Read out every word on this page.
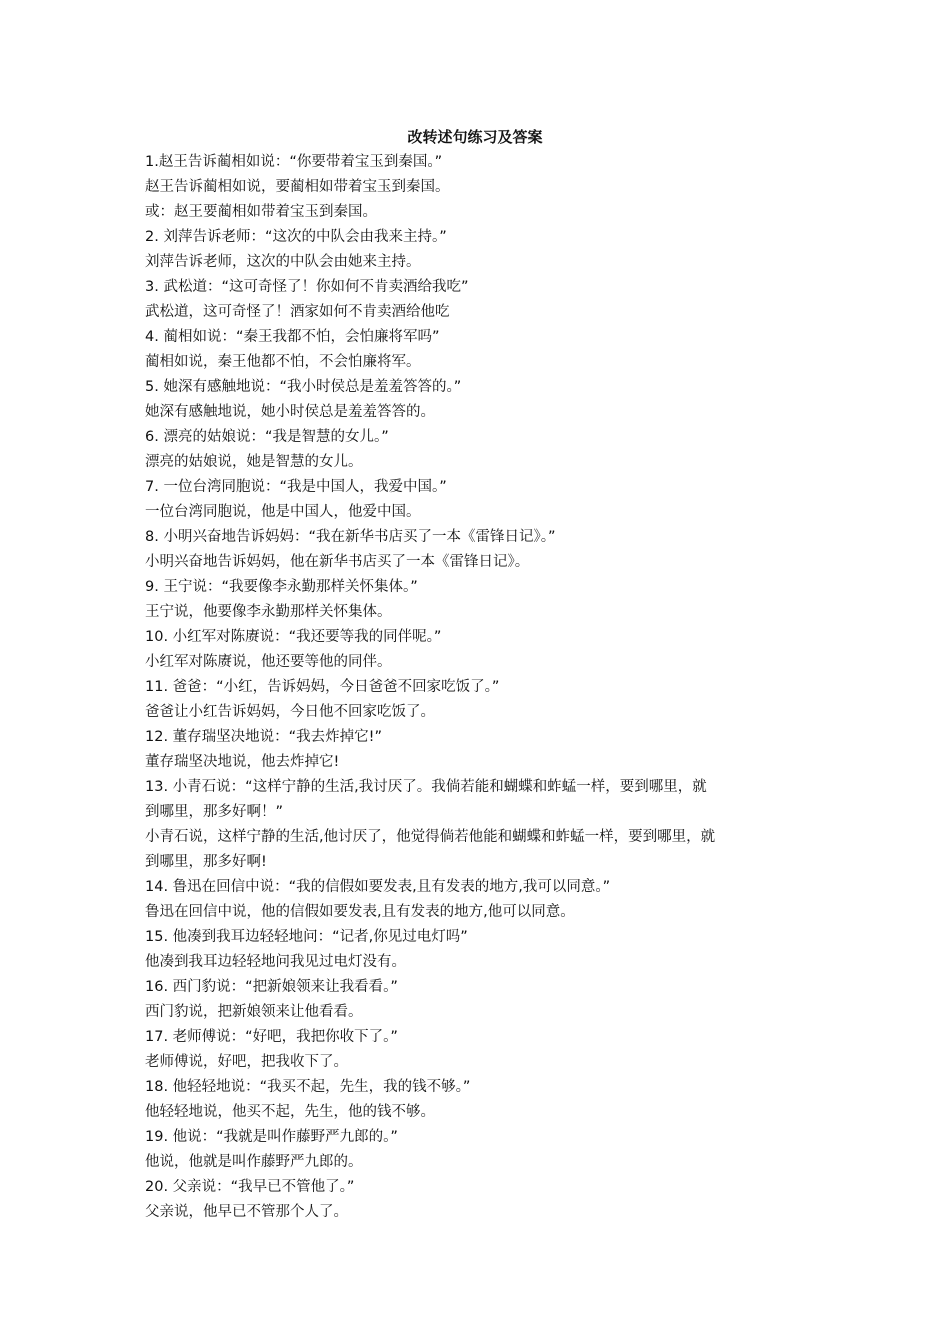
改转述句练习及答案
1.赵王告诉蔺相如说：“你要带着宝玉到秦国。”
赵王告诉蔺相如说，要蔺相如带着宝玉到秦国。
或：赵王要蔺相如带着宝玉到秦国。
2. 刘萍告诉老师：“这次的中队会由我来主持。”
刘萍告诉老师，这次的中队会由她来主持。
3. 武松道：“这可奇怪了！你如何不肯卖酒给我吃”
武松道，这可奇怪了！酒家如何不肯卖酒给他吃
4. 蔺相如说：“秦王我都不怕，会怕廉将军吗”
蔺相如说，秦王他都不怕，不会怕廉将军。
5. 她深有感触地说：“我小时侯总是羞羞答答的。”
她深有感触地说，她小时侯总是羞羞答答的。
6. 漂亮的姑娘说：“我是智慧的女儿。”
漂亮的姑娘说，她是智慧的女儿。
7. 一位台湾同胞说：“我是中国人，我爱中国。”
一位台湾同胞说，他是中国人，他爱中国。
8. 小明兴奋地告诉妈妈：“我在新华书店买了一本《雷锋日记》。”
小明兴奋地告诉妈妈，他在新华书店买了一本《雷锋日记》。
9. 王宁说：“我要像李永勤那样关怀集体。”
王宁说，他要像李永勤那样关怀集体。
10. 小红军对陈赓说：“我还要等我的同伴呢。”
小红军对陈赓说，他还要等他的同伴。
11. 爸爸：“小红，告诉妈妈，今日爸爸不回家吃饭了。”
爸爸让小红告诉妈妈，今日他不回家吃饭了。
12. 董存瑞坚决地说：“我去炸掉它!”
董存瑞坚决地说，他去炸掉它!
13. 小青石说：“这样宁静的生活,我讨厌了。我倘若能和蝴蝶和蚱蜢一样，要到哪里，就
到哪里，那多好啊！”
小青石说，这样宁静的生活,他讨厌了，他觉得倘若他能和蝴蝶和蚱蜢一样，要到哪里，就
到哪里，那多好啊!
14. 鲁迅在回信中说：“我的信假如要发表,且有发表的地方,我可以同意。”
鲁迅在回信中说，他的信假如要发表,且有发表的地方,他可以同意。
15. 他凑到我耳边轻轻地问：“记者,你见过电灯吗”
他凑到我耳边轻轻地问我见过电灯没有。
16. 西门豹说：“把新娘领来让我看看。”
西门豹说，把新娘领来让他看看。
17. 老师傅说：“好吧，我把你收下了。”
老师傅说，好吧，把我收下了。
18. 他轻轻地说：“我买不起，先生，我的钱不够。”
他轻轻地说，他买不起，先生，他的钱不够。
19. 他说：“我就是叫作藤野严九郎的。”
他说，他就是叫作藤野严九郎的。
20. 父亲说：“我早已不管他了。”
父亲说，他早已不管那个人了。
